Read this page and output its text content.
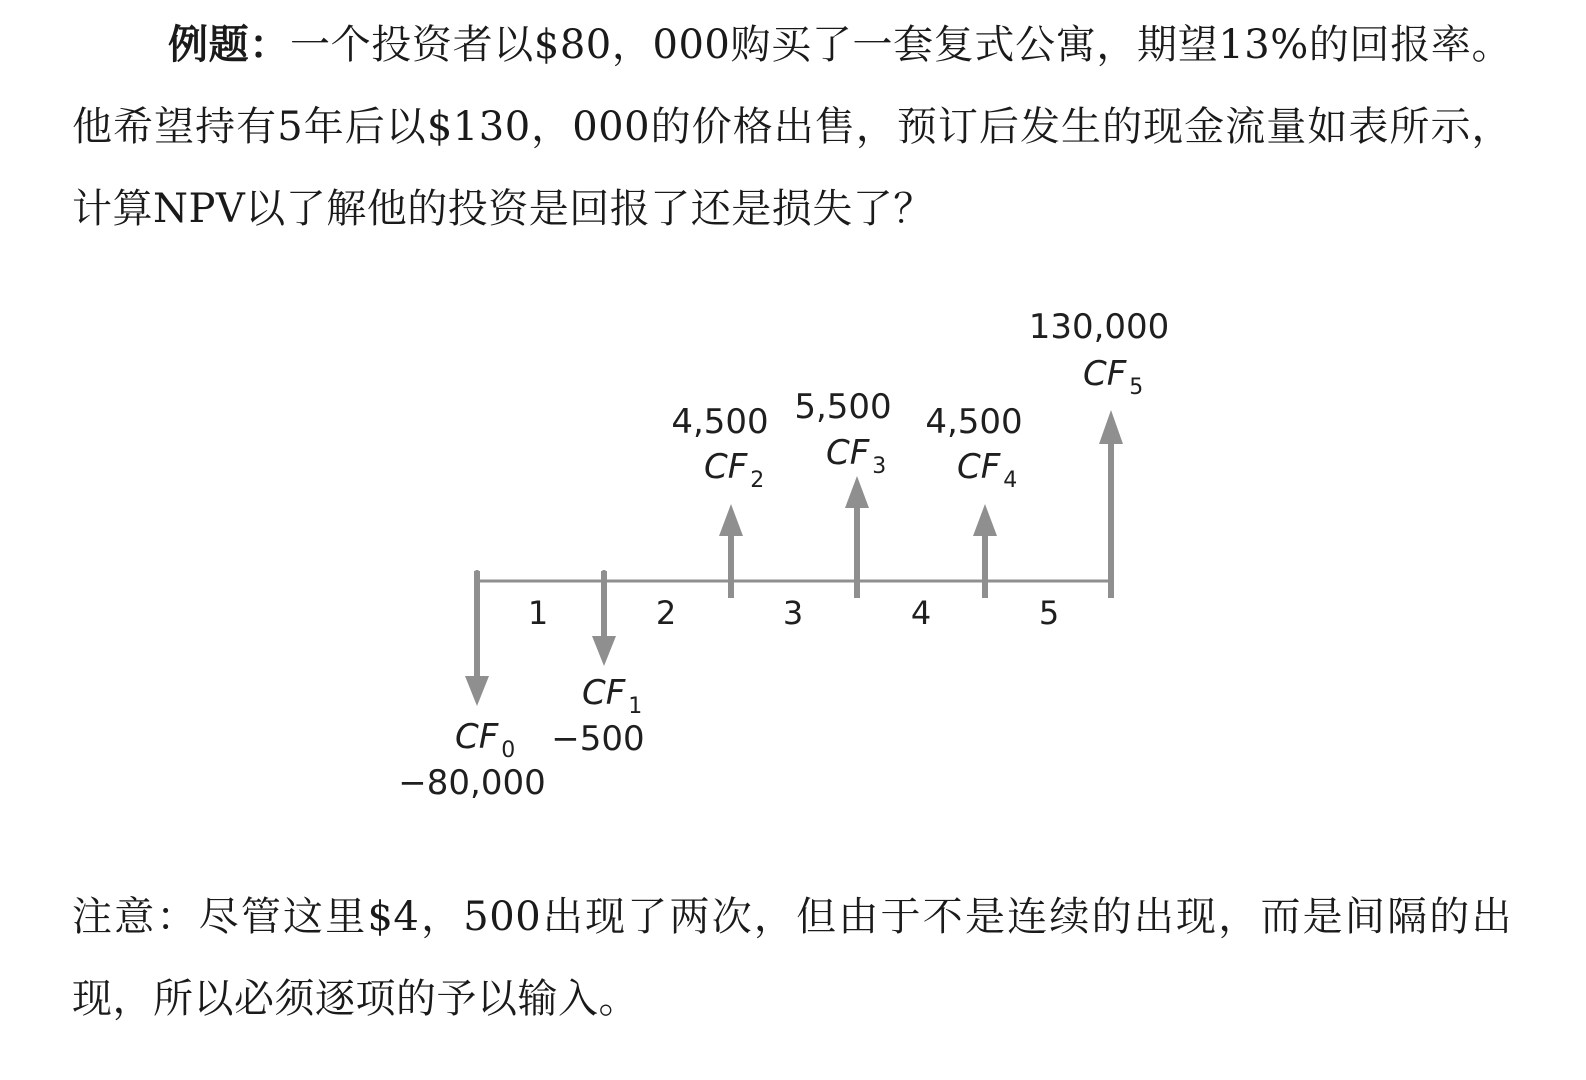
例题：一个投资者以$80，000购买了一套复式公寓，期望13%的回报率。他希望持有5年后以$130，000的价格出售，预订后发生的现金流量如表所示，计算NPV以了解他的投资是回报了还是损失了？
1	2	3	4	5
CF $_0$
−80,000
CF $_1$
−500
4,500
CF $_2$
5,500
CF $_3$
4,500
CF $_4$
130,000
CF $_5$
注意：尽管这里$4，500出现了两次，但由于不是连续的出现，而是间隔的出现，所以必须逐项的予以输入。
